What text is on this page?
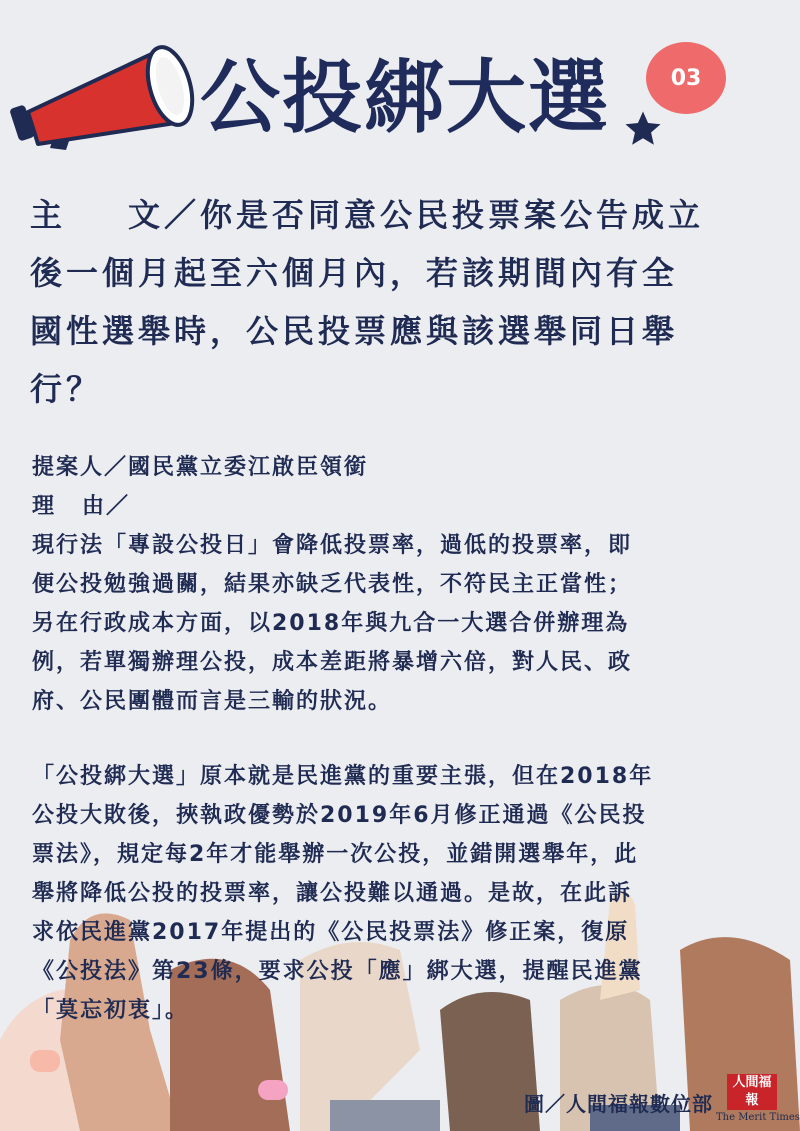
公投綁大選	03
主 文／你是否同意公民投票案公告成立
後一個月起至六個月內，若該期間內有全
國性選舉時，公民投票應與該選舉同日舉
行？

提案人／國民黨立委江啟臣領銜

理 由／

現行法「專設公投日」會降低投票率，過低的投票率，即

便公投勉強過關，結果亦缺乏代表性，不符民主正當性；

另在行政成本方面，以2018年與九合一大選合併辦理為

例，若單獨辦理公投，成本差距將暴增六倍，對人民、政

府、公民團體而言是三輸的狀況。

「公投綁大選」原本就是民進黨的重要主張，但在2018年

公投大敗後，挾執政優勢於2019年6月修正通過《公民投

票法》，規定每2年才能舉辦一次公投，並錯開選舉年，此

舉將降低公投的投票率，讓公投難以通過。是故，在此訴

求依民進黨2017年提出的《公民投票法》修正案，復原

《公投法》第23條，要求公投「應」綁大選，提醒民進黨

「莫忘初衷」。

圖／人間福報數位部
人間福報
The Merit Times
